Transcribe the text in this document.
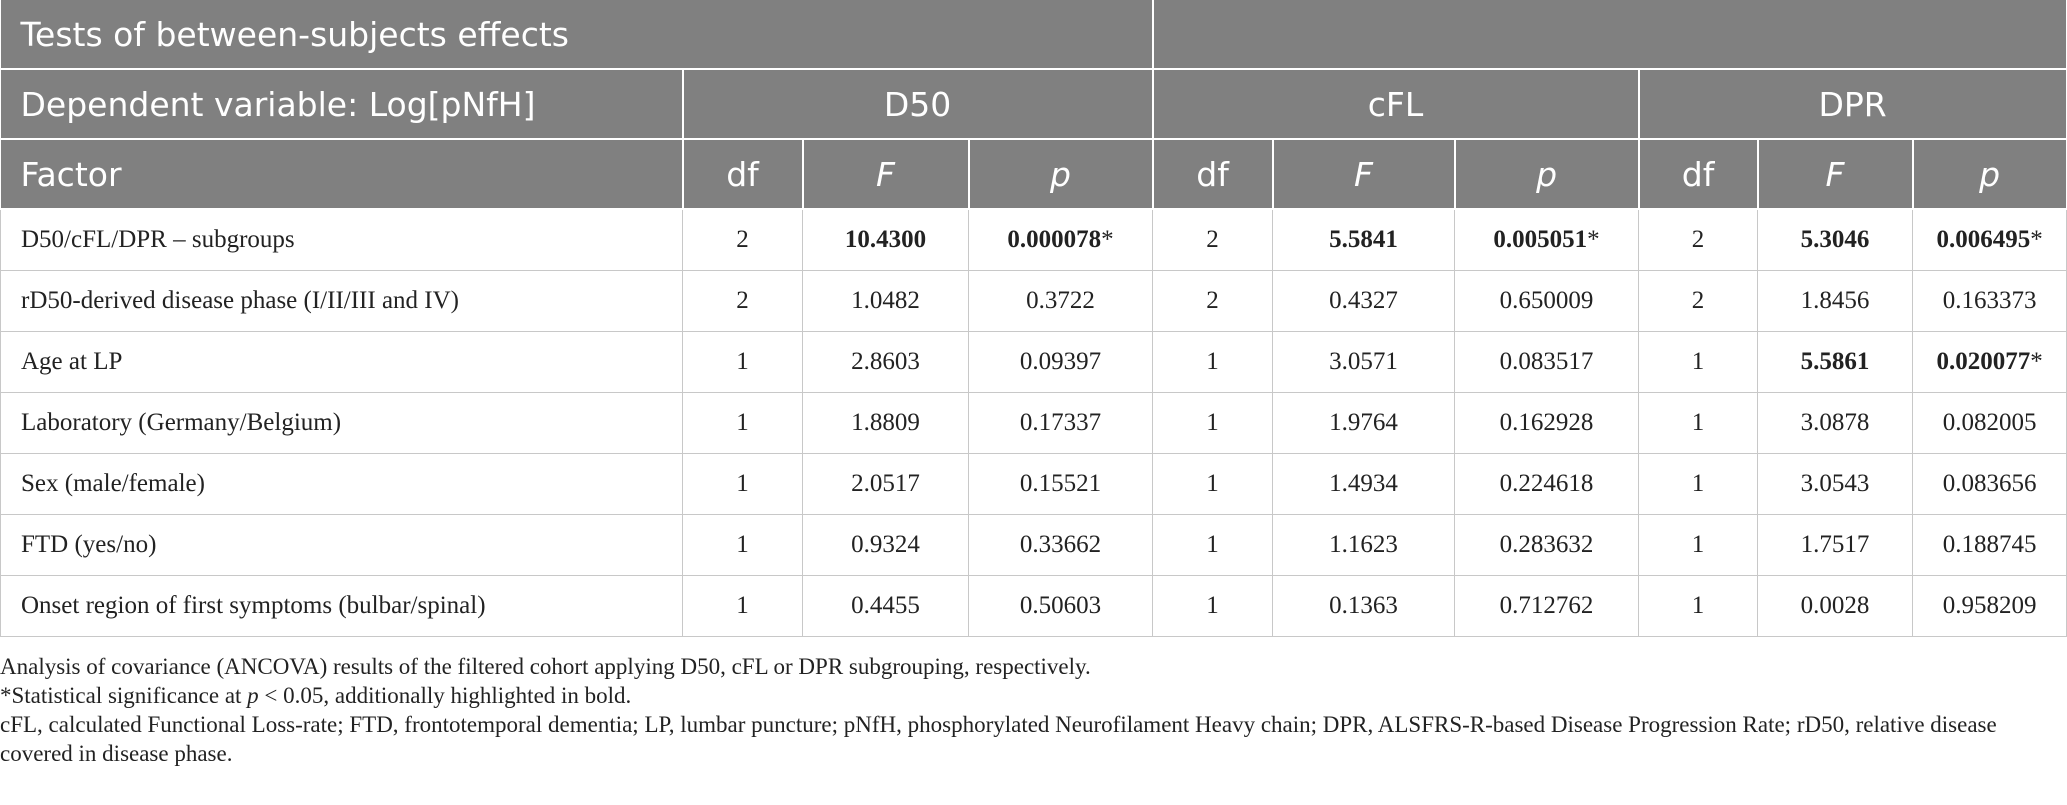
Tests of between-subjects effects									
Dependent variable: Log[pNfH]	D50			cFL			DPR		
Factor	df	F	p	df	F	p	df	F	p
D50/cFL/DPR – subgroups	2	10.4300	0.000078*	2	5.5841	0.005051*	2	5.3046	0.006495*
rD50-derived disease phase (I/II/III and IV)	2	1.0482	0.3722	2	0.4327	0.650009	2	1.8456	0.163373
Age at LP	1	2.8603	0.09397	1	3.0571	0.083517	1	5.5861	0.020077*
Laboratory (Germany/Belgium)	1	1.8809	0.17337	1	1.9764	0.162928	1	3.0878	0.082005
Sex (male/female)	1	2.0517	0.15521	1	1.4934	0.224618	1	3.0543	0.083656
FTD (yes/no)	1	0.9324	0.33662	1	1.1623	0.283632	1	1.7517	0.188745
Onset region of first symptoms (bulbar/spinal)	1	0.4455	0.50603	1	0.1363	0.712762	1	0.0028	0.958209

Analysis of covariance (ANCOVA) results of the filtered cohort applying D50, cFL or DPR subgrouping, respectively.

*Statistical significance at p < 0.05, additionally highlighted in bold.

cFL, calculated Functional Loss-rate; FTD, frontotemporal dementia; LP, lumbar puncture; pNfH, phosphorylated Neurofilament Heavy chain; DPR, ALSFRS-R-based Disease Progression Rate; rD50, relative disease covered in disease phase.
